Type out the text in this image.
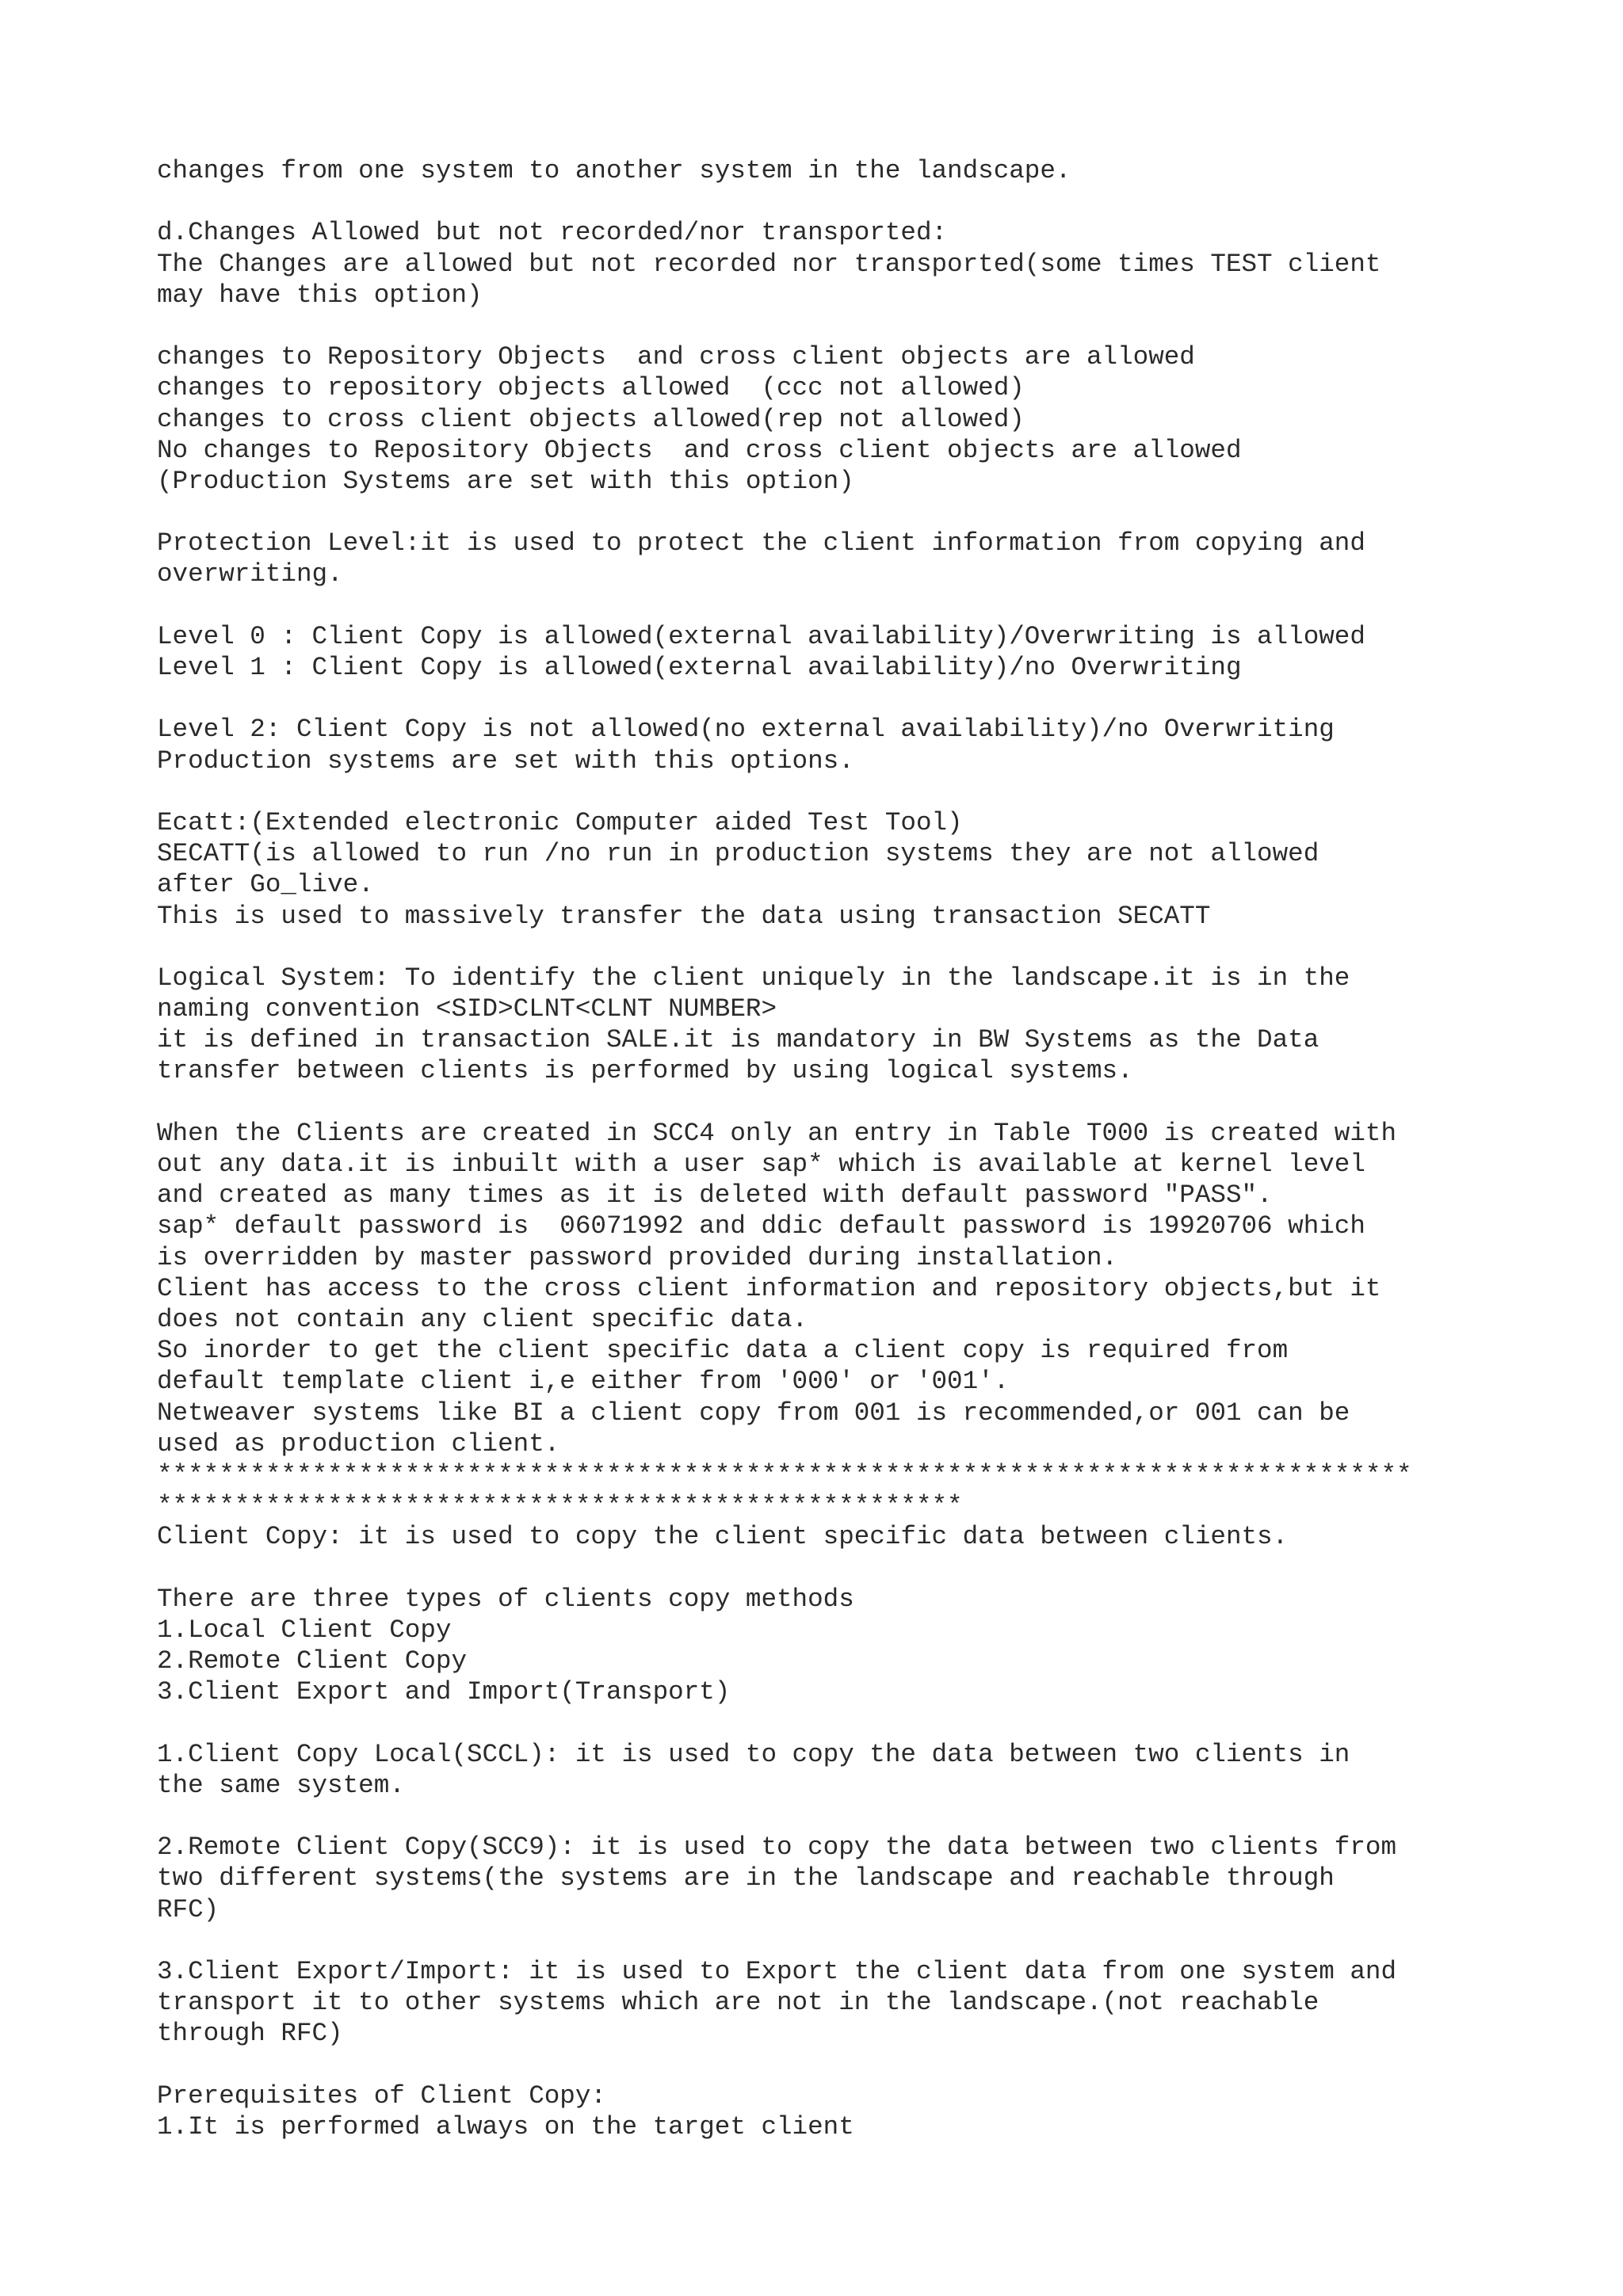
changes from one system to another system in the landscape.
d.Changes Allowed but not recorded/nor transported:
The Changes are allowed but not recorded nor transported(some times TEST client
may have this option)
changes to Repository Objects  and cross client objects are allowed
changes to repository objects allowed  (ccc not allowed)
changes to cross client objects allowed(rep not allowed)
No changes to Repository Objects  and cross client objects are allowed
(Production Systems are set with this option)
Protection Level:it is used to protect the client information from copying and
overwriting.
Level 0 : Client Copy is allowed(external availability)/Overwriting is allowed
Level 1 : Client Copy is allowed(external availability)/no Overwriting
Level 2: Client Copy is not allowed(no external availability)/no Overwriting
Production systems are set with this options.
Ecatt:(Extended electronic Computer aided Test Tool)
SECATT(is allowed to run /no run in production systems they are not allowed
after Go_live.
This is used to massively transfer the data using transaction SECATT
Logical System: To identify the client uniquely in the landscape.it is in the
naming convention <SID>CLNT<CLNT NUMBER>
it is defined in transaction SALE.it is mandatory in BW Systems as the Data
transfer between clients is performed by using logical systems.
When the Clients are created in SCC4 only an entry in Table T000 is created with
out any data.it is inbuilt with a user sap* which is available at kernel level
and created as many times as it is deleted with default password "PASS".
sap* default password is  06071992 and ddic default password is 19920706 which
is overridden by master password provided during installation.
Client has access to the cross client information and repository objects,but it
does not contain any client specific data.
So inorder to get the client specific data a client copy is required from
default template client i,e either from '000' or '001'.
Netweaver systems like BI a client copy from 001 is recommended,or 001 can be
used as production client.
*********************************************************************************
****************************************************
Client Copy: it is used to copy the client specific data between clients.
There are three types of clients copy methods
1.Local Client Copy
2.Remote Client Copy
3.Client Export and Import(Transport)
1.Client Copy Local(SCCL): it is used to copy the data between two clients in
the same system.
2.Remote Client Copy(SCC9): it is used to copy the data between two clients from
two different systems(the systems are in the landscape and reachable through
RFC)
3.Client Export/Import: it is used to Export the client data from one system and
transport it to other systems which are not in the landscape.(not reachable
through RFC)
Prerequisites of Client Copy:
1.It is performed always on the target client
